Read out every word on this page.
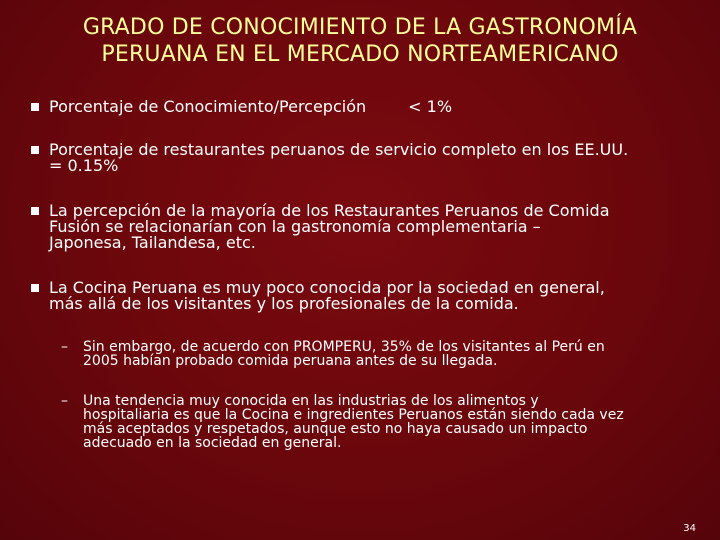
GRADO DE CONOCIMIENTO DE LA GASTRONOMÍA
PERUANA EN EL MERCADO NORTEAMERICANO
Porcentaje de Conocimiento/Percepción	< 1%
Porcentaje de restaurantes peruanos de servicio completo en los EE.UU.
= 0.15%
La percepción de la mayoría de los Restaurantes Peruanos de Comida
Fusión se relacionarían con la gastronomía complementaria –
Japonesa, Tailandesa, etc.
La Cocina Peruana es muy poco conocida por la sociedad en general,
más allá de los visitantes y los profesionales de la comida.
– Sin embargo, de acuerdo con PROMPERU, 35% de los visitantes al Perú en
2005 habían probado comida peruana antes de su llegada.
– Una tendencia muy conocida en las industrias de los alimentos y
hospitaliaria es que la Cocina e ingredientes Peruanos están siendo cada vez
más aceptados y respetados, aunque esto no haya causado un impacto
adecuado en la sociedad en general.
34
